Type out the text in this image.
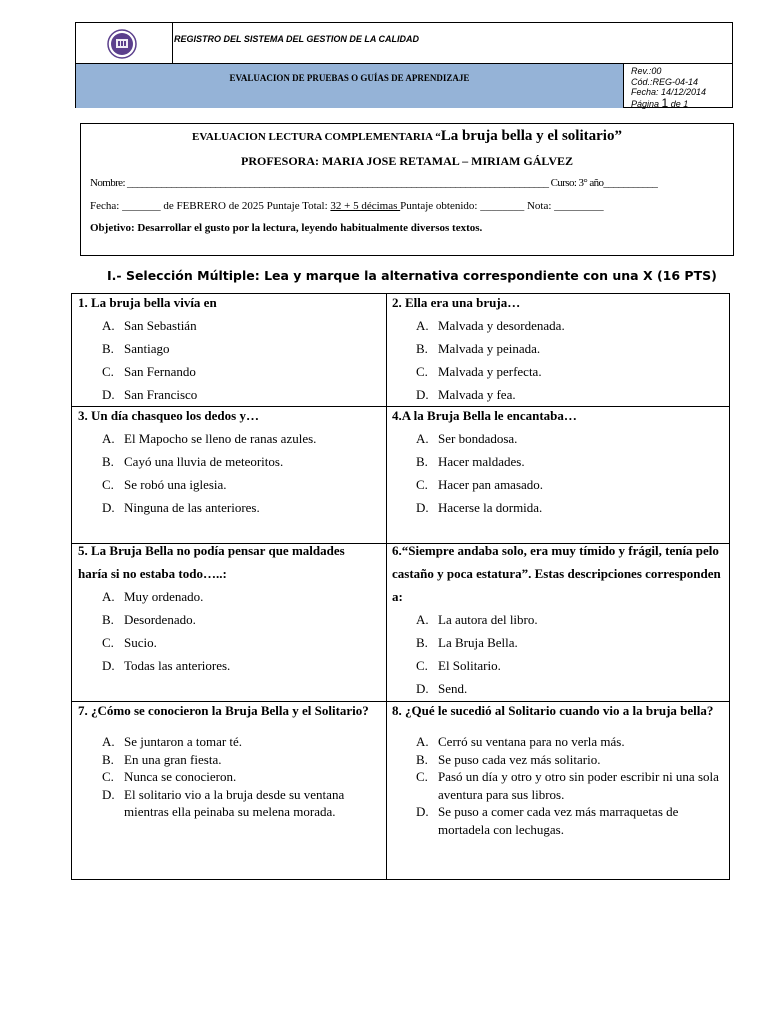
REGISTRO DEL SISTEMA DEL GESTION DE LA CALIDAD
EVALUACION DE PRUEBAS O GUÍAS DE APRENDIZAJE
Rev.:00
Cód.:REG-04-14
Fecha: 14/12/2014
Página 1 de 1
EVALUACION LECTURA COMPLEMENTARIA “La bruja bella y el solitario”
PROFESORA: MARIA JOSE RETAMAL – MIRIAM GÁLVEZ
Nombre: ______________________________________________________________________________________ Curso: 3° año___________
Fecha: _______ de FEBRERO de 2025 Puntaje Total: 32 + 5 décimas Puntaje obtenido: ________ Nota: _________
Objetivo: Desarrollar el gusto por la lectura, leyendo habitualmente diversos textos.
I.- Selección Múltiple: Lea y marque la alternativa correspondiente con una X (16 PTS)
1. La bruja bella vivía en
A. San Sebastián
B. Santiago
C. San Fernando
D. San Francisco
2. Ella era una bruja…
A. Malvada y desordenada.
B. Malvada y peinada.
C. Malvada y perfecta.
D. Malvada y fea.
3. Un día chasqueo los dedos y…
A. El Mapocho se lleno de ranas azules.
B. Cayó una lluvia de meteoritos.
C. Se robó una iglesia.
D. Ninguna de las anteriores.
4.A la Bruja Bella le encantaba…
A. Ser bondadosa.
B. Hacer maldades.
C. Hacer pan amasado.
D. Hacerse la dormida.
5. La Bruja Bella no podía pensar que maldades haría si no estaba todo…..:
A. Muy ordenado.
B. Desordenado.
C. Sucio.
D. Todas las anteriores.
6.“Siempre andaba solo, era muy tímido y frágil, tenía pelo castaño y poca estatura”. Estas descripciones corresponden a:
A. La autora del libro.
B. La Bruja Bella.
C. El Solitario.
D. Send.
7. ¿Cómo se conocieron la Bruja Bella y el Solitario?
A. Se juntaron a tomar té.
B. En una gran fiesta.
C. Nunca se conocieron.
D. El solitario vio a la bruja desde su ventana mientras ella peinaba su melena morada.
8. ¿Qué le sucedió al Solitario cuando vio a la bruja bella?
A. Cerró su ventana para no verla más.
B. Se puso cada vez más solitario.
C. Pasó un día y otro y otro sin poder escribir ni una sola aventura para sus libros.
D. Se puso a comer cada vez más marraquetas de mortadela con lechugas.
